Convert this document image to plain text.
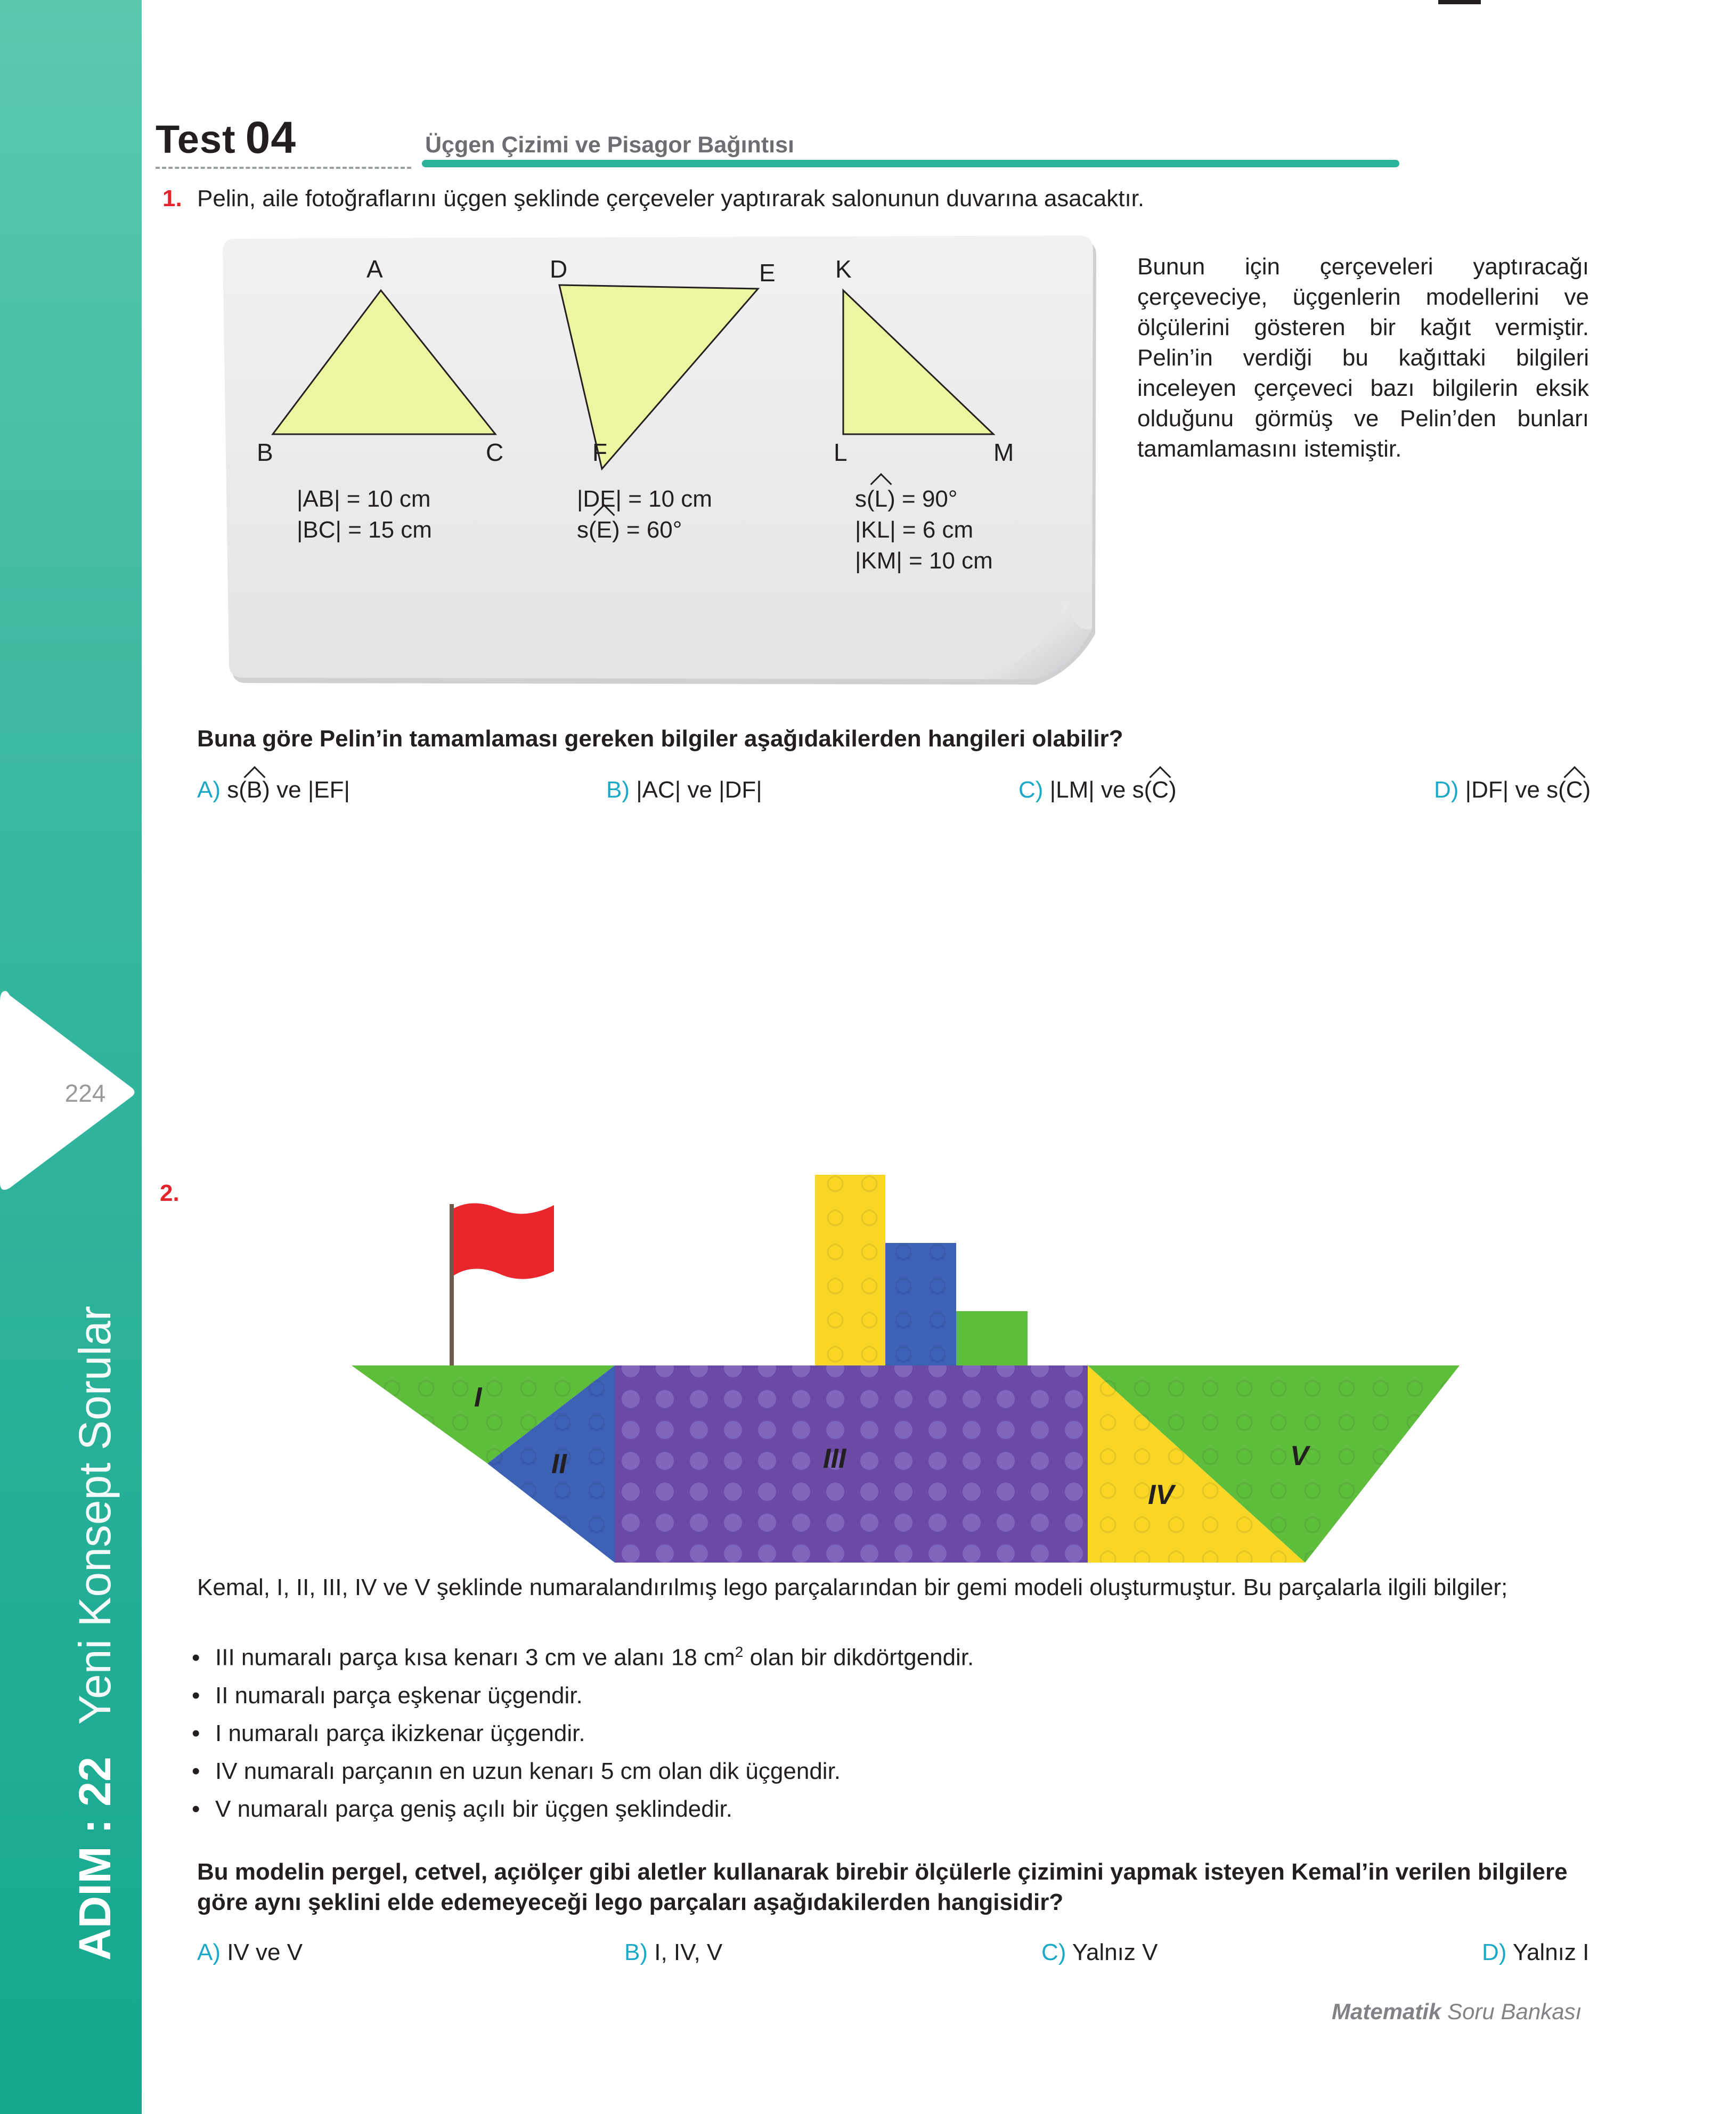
224
ADIM : 22Yeni Konsept Sorular
Test 04	Üçgen Çizimi ve Pisagor Bağıntısı
1. Pelin, aile fotoğraflarını üçgen şeklinde çerçeveler yaptırarak salonunun duvarına asacaktır.
A
B	C
D	E
F
K
L	M
|AB| = 10 cm
|BC| = 15 cm
|DE| = 10 cm
s(E) = 60°
s(L) = 90°
|KL| = 6 cm
|KM| = 10 cm
Bunun için çerçeveleri yaptıracağı çerçeveciye, üçgenlerin modellerini ve ölçülerini gösteren bir kağıt vermiştir. Pelin’in verdiği bu kağıttaki bilgileri inceleyen çerçeveci bazı bilgilerin eksik olduğunu görmüş ve Pelin’den bunları tamamlamasını istemiştir.
Buna göre Pelin’in tamamlaması gereken bilgiler aşağıdakilerden hangileri olabilir?
A) s(B) ve |EF|	B) |AC| ve |DF|	C) |LM| ve s(C)	D) |DF| ve s(C)
2.
I
II	III
IV
V
Kemal, I, II, III, IV ve V şeklinde numaralandırılmış lego parçalarından bir gemi modeli oluşturmuştur. Bu parçalarla ilgili bilgiler;
• III numaralı parça kısa kenarı 3 cm ve alanı 18 $cm^2$ olan bir dikdörtgendir.
• II numaralı parça eşkenar üçgendir.
• I numaralı parça ikizkenar üçgendir.
• IV numaralı parçanın en uzun kenarı 5 cm olan dik üçgendir.
• V numaralı parça geniş açılı bir üçgen şeklindedir.
Bu modelin pergel, cetvel, açıölçer gibi aletler kullanarak birebir ölçülerle çizimini yapmak isteyen Kemal’in verilen bilgilere
göre aynı şeklini elde edemeyeceği lego parçaları aşağıdakilerden hangisidir?
A) IV ve V	B) I, IV, V	C) Yalnız V	D) Yalnız I
Matematik Soru Bankası
